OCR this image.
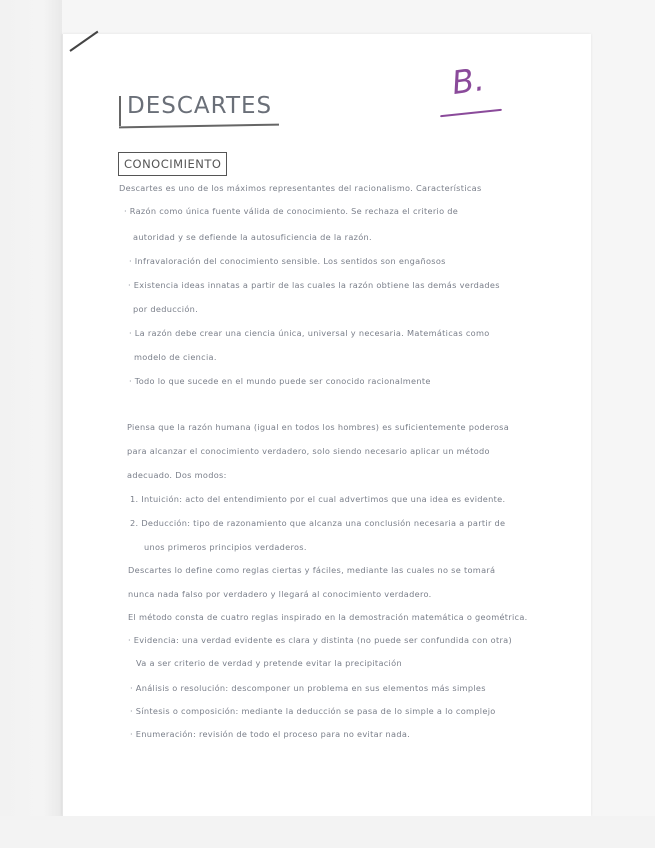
B.
DESCARTES
CONOCIMIENTO
Descartes es uno de los máximos representantes del racionalismo. Características
· Razón como única fuente válida de conocimiento. Se rechaza el criterio de
autoridad y se defiende la autosuficiencia de la razón.
· Infravaloración del conocimiento sensible. Los sentidos son engañosos
· Existencia ideas innatas a partir de las cuales la razón obtiene las demás verdades
por deducción.
· La razón debe crear una ciencia única, universal y necesaria. Matemáticas como
modelo de ciencia.
· Todo lo que sucede en el mundo puede ser conocido racionalmente
Piensa que la razón humana (igual en todos los hombres) es suficientemente poderosa
para alcanzar el conocimiento verdadero, solo siendo necesario aplicar un método
adecuado. Dos modos:
1. Intuición: acto del entendimiento por el cual advertimos que una idea es evidente.
2. Deducción: tipo de razonamiento que alcanza una conclusión necesaria a partir de
unos primeros principios verdaderos.
Descartes lo define como reglas ciertas y fáciles, mediante las cuales no se tomará
nunca nada falso por verdadero y llegará al conocimiento verdadero.
El método consta de cuatro reglas inspirado en la demostración matemática o geométrica.
· Evidencia: una verdad evidente es clara y distinta (no puede ser confundida con otra)
Va a ser criterio de verdad y pretende evitar la precipitación
· Análisis o resolución: descomponer un problema en sus elementos más simples
· Síntesis o composición: mediante la deducción se pasa de lo simple a lo complejo
· Enumeración: revisión de todo el proceso para no evitar nada.
